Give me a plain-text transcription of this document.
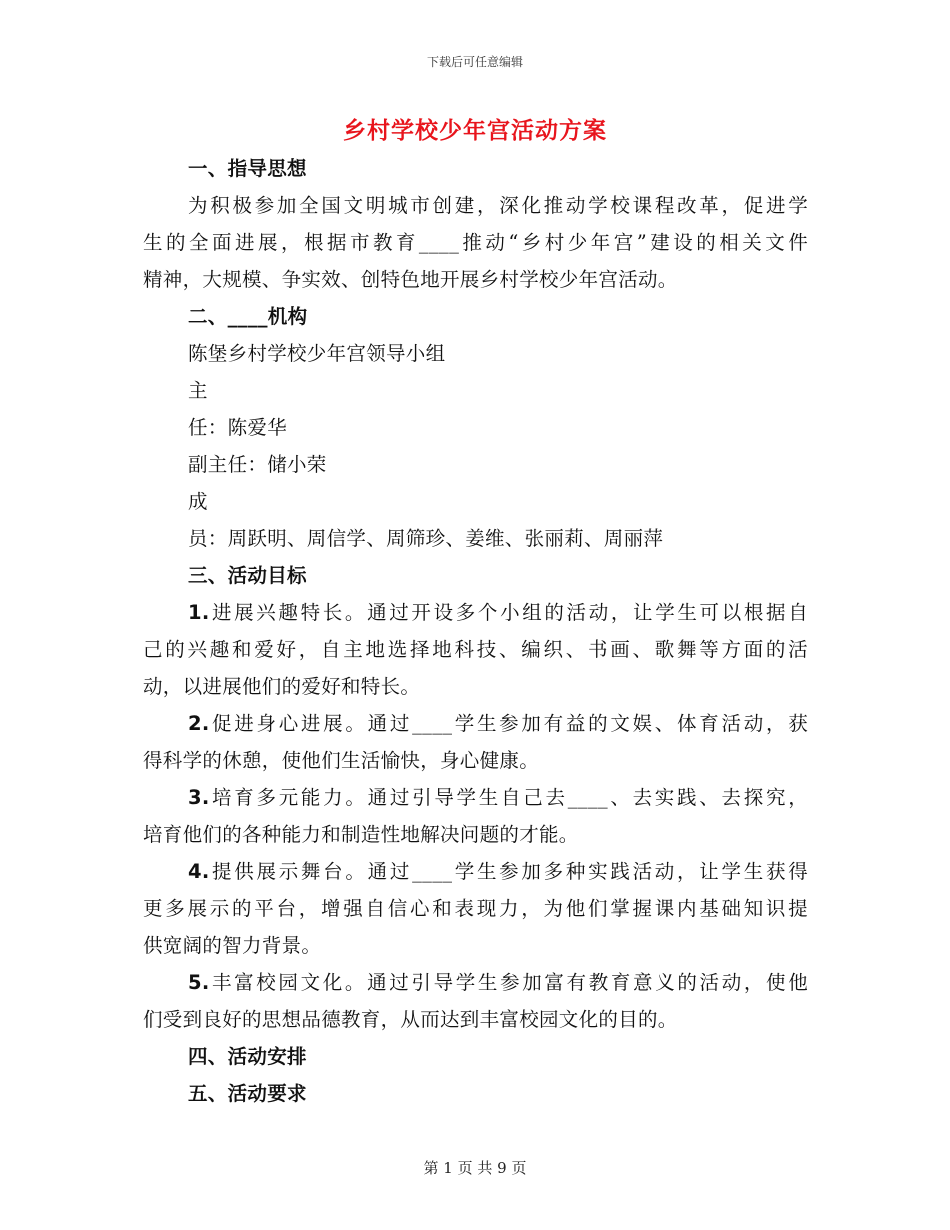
下载后可任意编辑
乡村学校少年宫活动方案
一、指导思想
为积极参加全国文明城市创建，深化推动学校课程改革，促进学
生的全面进展，根据市教育____推动“乡村少年宫”建设的相关文件
精神，大规模、争实效、创特色地开展乡村学校少年宫活动。
二、____机构
陈堡乡村学校少年宫领导小组
主
任：陈爱华
副主任：储小荣
成
员：周跃明、周信学、周筛珍、姜维、张丽莉、周丽萍
三、活动目标
1.进展兴趣特长。通过开设多个小组的活动，让学生可以根据自
己的兴趣和爱好，自主地选择地科技、编织、书画、歌舞等方面的活
动，以进展他们的爱好和特长。
2.促进身心进展。通过____学生参加有益的文娱、体育活动，获
得科学的休憩，使他们生活愉快，身心健康。
3.培育多元能力。通过引导学生自己去____、去实践、去探究，
培育他们的各种能力和制造性地解决问题的才能。
4.提供展示舞台。通过____学生参加多种实践活动，让学生获得
更多展示的平台，增强自信心和表现力，为他们掌握课内基础知识提
供宽阔的智力背景。
5.丰富校园文化。通过引导学生参加富有教育意义的活动，使他
们受到良好的思想品德教育，从而达到丰富校园文化的目的。
四、活动安排
五、活动要求
第 1 页 共 9 页
